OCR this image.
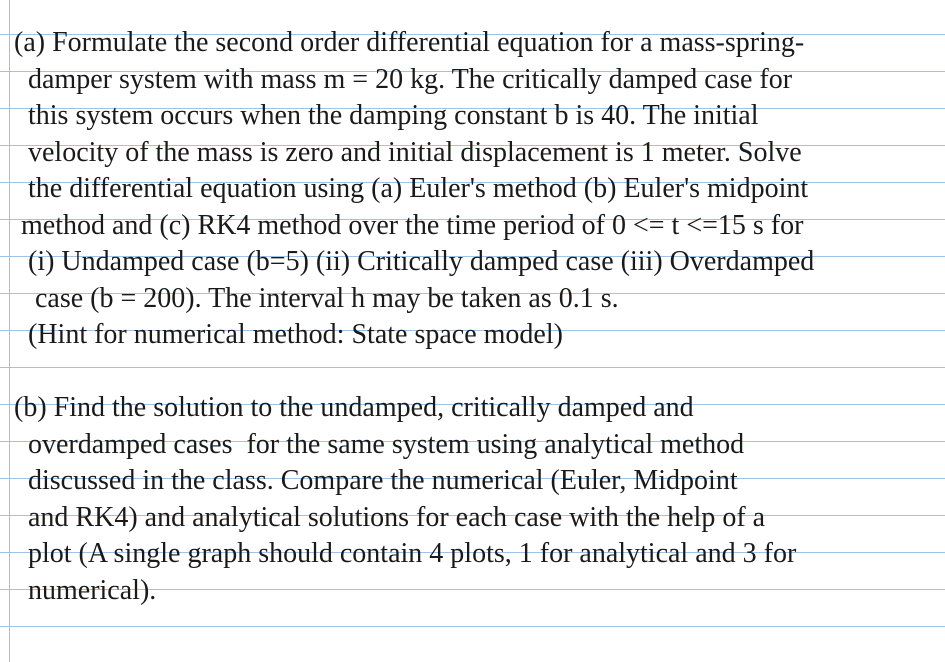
(a) Formulate the second order differential equation for a mass-spring-
damper system with mass m = 20 kg. The critically damped case for
this system occurs when the damping constant b is 40. The initial
velocity of the mass is zero and initial displacement is 1 meter. Solve
the differential equation using (a) Euler's method (b) Euler's midpoint
method and (c) RK4 method over the time period of 0 <= t <=15 s for
(i) Undamped case (b=5) (ii) Critically damped case (iii) Overdamped
case (b = 200). The interval h may be taken as 0.1 s.
(Hint for numerical method: State space model)
(b) Find the solution to the undamped, critically damped and
overdamped cases  for the same system using analytical method
discussed in the class. Compare the numerical (Euler, Midpoint
and RK4) and analytical solutions for each case with the help of a
plot (A single graph should contain 4 plots, 1 for analytical and 3 for
numerical).
